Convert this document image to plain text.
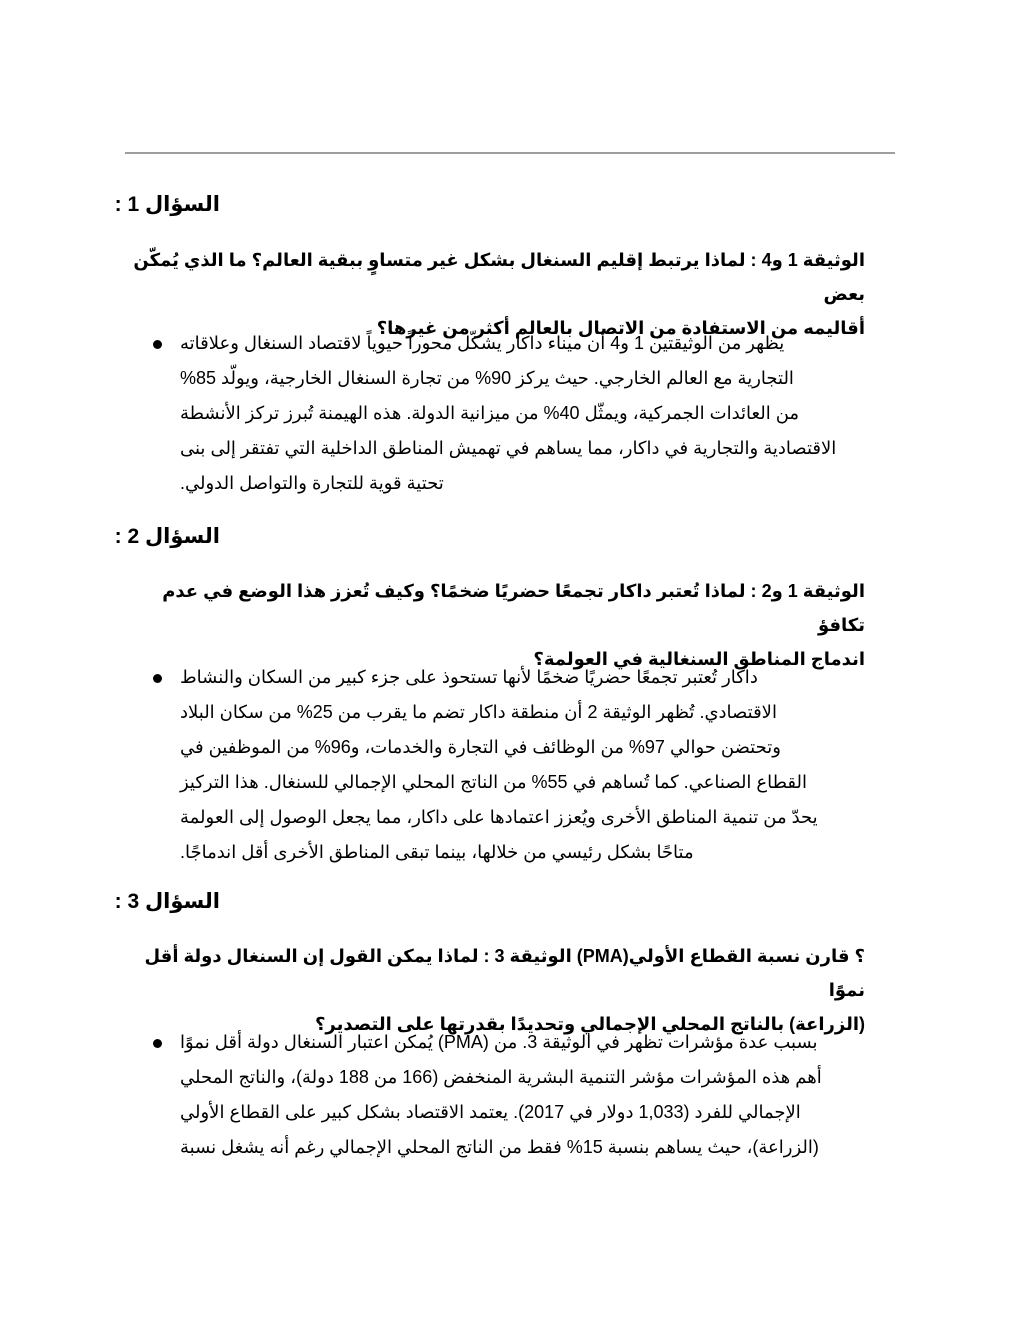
السؤال 1 :
الوثيقة 1 و4 : لماذا يرتبط إقليم السنغال بشكل غير متساوٍ ببقية العالم؟ ما الذي يُمكّن بعض
أقاليمه من الاستفادة من الاتصال بالعالم أكثر من غيرها؟
يظهر من الوثيقتين 1 و4 أن ميناء داكار يشكّل محوراً حيوياً لاقتصاد السنغال وعلاقاته
التجارية مع العالم الخارجي. حيث يركز 90% من تجارة السنغال الخارجية، ويولّد 85%
من العائدات الجمركية، ويمثّل 40% من ميزانية الدولة. هذه الهيمنة تُبرز تركز الأنشطة
الاقتصادية والتجارية في داكار، مما يساهم في تهميش المناطق الداخلية التي تفتقر إلى بنى
تحتية قوية للتجارة والتواصل الدولي.
السؤال 2 :
الوثيقة 1 و2 : لماذا تُعتبر داكار تجمعًا حضريًا ضخمًا؟ وكيف تُعزز هذا الوضع في عدم تكافؤ
اندماج المناطق السنغالية في العولمة؟
داكار تُعتبر تجمعًا حضريًا ضخمًا لأنها تستحوذ على جزء كبير من السكان والنشاط
الاقتصادي. تُظهر الوثيقة 2 أن منطقة داكار تضم ما يقرب من 25% من سكان البلاد
وتحتضن حوالي 97% من الوظائف في التجارة والخدمات، و96% من الموظفين في
القطاع الصناعي. كما تُساهم في 55% من الناتج المحلي الإجمالي للسنغال. هذا التركيز
يحدّ من تنمية المناطق الأخرى ويُعزز اعتمادها على داكار، مما يجعل الوصول إلى العولمة
متاحًا بشكل رئيسي من خلالها، بينما تبقى المناطق الأخرى أقل اندماجًا.
السؤال 3 :
؟ قارن نسبة القطاع الأولي(PMA) الوثيقة 3 : لماذا يمكن القول إن السنغال دولة أقل نموًا
(الزراعة) بالناتج المحلي الإجمالي وتحديدًا بقدرتها على التصدير؟
بسبب عدة مؤشرات تظهر في الوثيقة 3. من (PMA) يُمكن اعتبار السنغال دولة أقل نموًا
أهم هذه المؤشرات مؤشر التنمية البشرية المنخفض (166 من 188 دولة)، والناتج المحلي
الإجمالي للفرد (1,033 دولار في 2017). يعتمد الاقتصاد بشكل كبير على القطاع الأولي
(الزراعة)، حيث يساهم بنسبة 15% فقط من الناتج المحلي الإجمالي رغم أنه يشغل نسبة
